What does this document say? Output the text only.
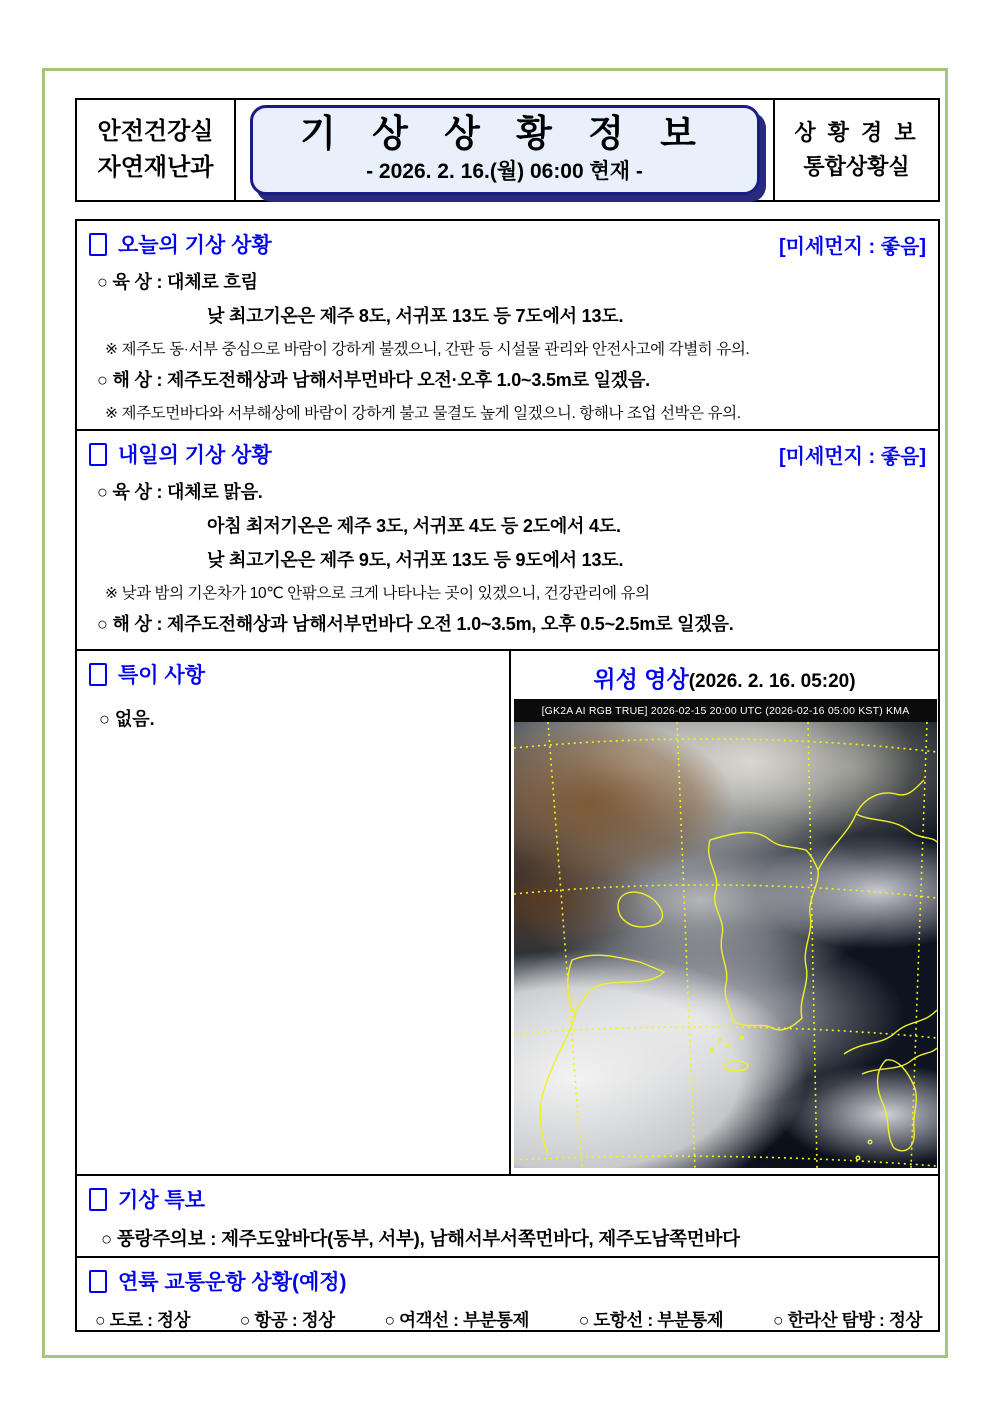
안전건강실
자연재난과
기 상 상 황 정 보
- 2026. 2. 16.(월) 06:00 현재 -
상 황 경 보
통합상황실
오늘의 기상 상황	[미세먼지 : 좋음]
○ 육 상 : 대체로 흐림
낮 최고기온은 제주 8도, 서귀포 13도 등 7도에서 13도.
※ 제주도 동·서부 중심으로 바람이 강하게 불겠으니, 간판 등 시설물 관리와 안전사고에 각별히 유의.
○ 해 상 : 제주도전해상과 남해서부먼바다 오전·오후 1.0~3.5m로 일겠음.
※ 제주도먼바다와 서부해상에 바람이 강하게 불고 물결도 높게 일겠으니. 항해나 조업 선박은 유의.
내일의 기상 상황	[미세먼지 : 좋음]
○ 육 상 : 대체로 맑음.
아침 최저기온은 제주 3도, 서귀포 4도 등 2도에서 4도.
낮 최고기온은 제주 9도, 서귀포 13도 등 9도에서 13도.
※ 낮과 밤의 기온차가 10℃ 안팎으로 크게 나타나는 곳이 있겠으니, 건강관리에 유의
○ 해 상 : 제주도전해상과 남해서부먼바다 오전 1.0~3.5m, 오후 0.5~2.5m로 일겠음.
특이 사항
○ 없음.
위성 영상(2026. 2. 16. 05:20)
[GK2A AI RGB TRUE] 2026-02-15 20:00 UTC (2026-02-16 05:00 KST) KMA
기상 특보
○ 풍랑주의보 : 제주도앞바다(동부, 서부), 남해서부서쪽먼바다, 제주도남쪽먼바다
연륙 교통운항 상황(예정)
○ 도로 : 정상	○ 항공 : 정상	○ 여객선 : 부분통제	○ 도항선 : 부분통제	○ 한라산 탐방 : 정상
